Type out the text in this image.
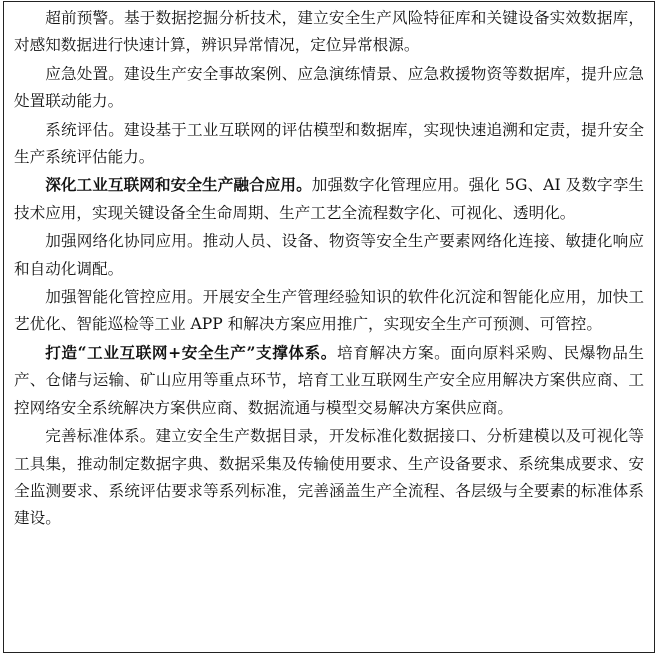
超前预警。基于数据挖掘分析技术，建立安全生产风险特征库和关键设备实效数据库，对感知数据进行快速计算，辨识异常情况，定位异常根源。

应急处置。建设生产安全事故案例、应急演练情景、应急救援物资等数据库，提升应急处置联动能力。

系统评估。建设基于工业互联网的评估模型和数据库，实现快速追溯和定责，提升安全生产系统评估能力。

深化工业互联网和安全生产融合应用。加强数字化管理应用。强化 5G、AI 及数字孪生技术应用，实现关键设备全生命周期、生产工艺全流程数字化、可视化、透明化。

加强网络化协同应用。推动人员、设备、物资等安全生产要素网络化连接、敏捷化响应和自动化调配。

加强智能化管控应用。开展安全生产管理经验知识的软件化沉淀和智能化应用，加快工艺优化、智能巡检等工业 APP 和解决方案应用推广，实现安全生产可预测、可管控。

打造“工业互联网+安全生产”支撑体系。培育解决方案。面向原料采购、民爆物品生产、仓储与运输、矿山应用等重点环节，培育工业互联网生产安全应用解决方案供应商、工控网络安全系统解决方案供应商、数据流通与模型交易解决方案供应商。

完善标准体系。建立安全生产数据目录，开发标准化数据接口、分析建模以及可视化等工具集，推动制定数据字典、数据采集及传输使用要求、生产设备要求、系统集成要求、安全监测要求、系统评估要求等系列标准，完善涵盖生产全流程、各层级与全要素的标准体系建设。
